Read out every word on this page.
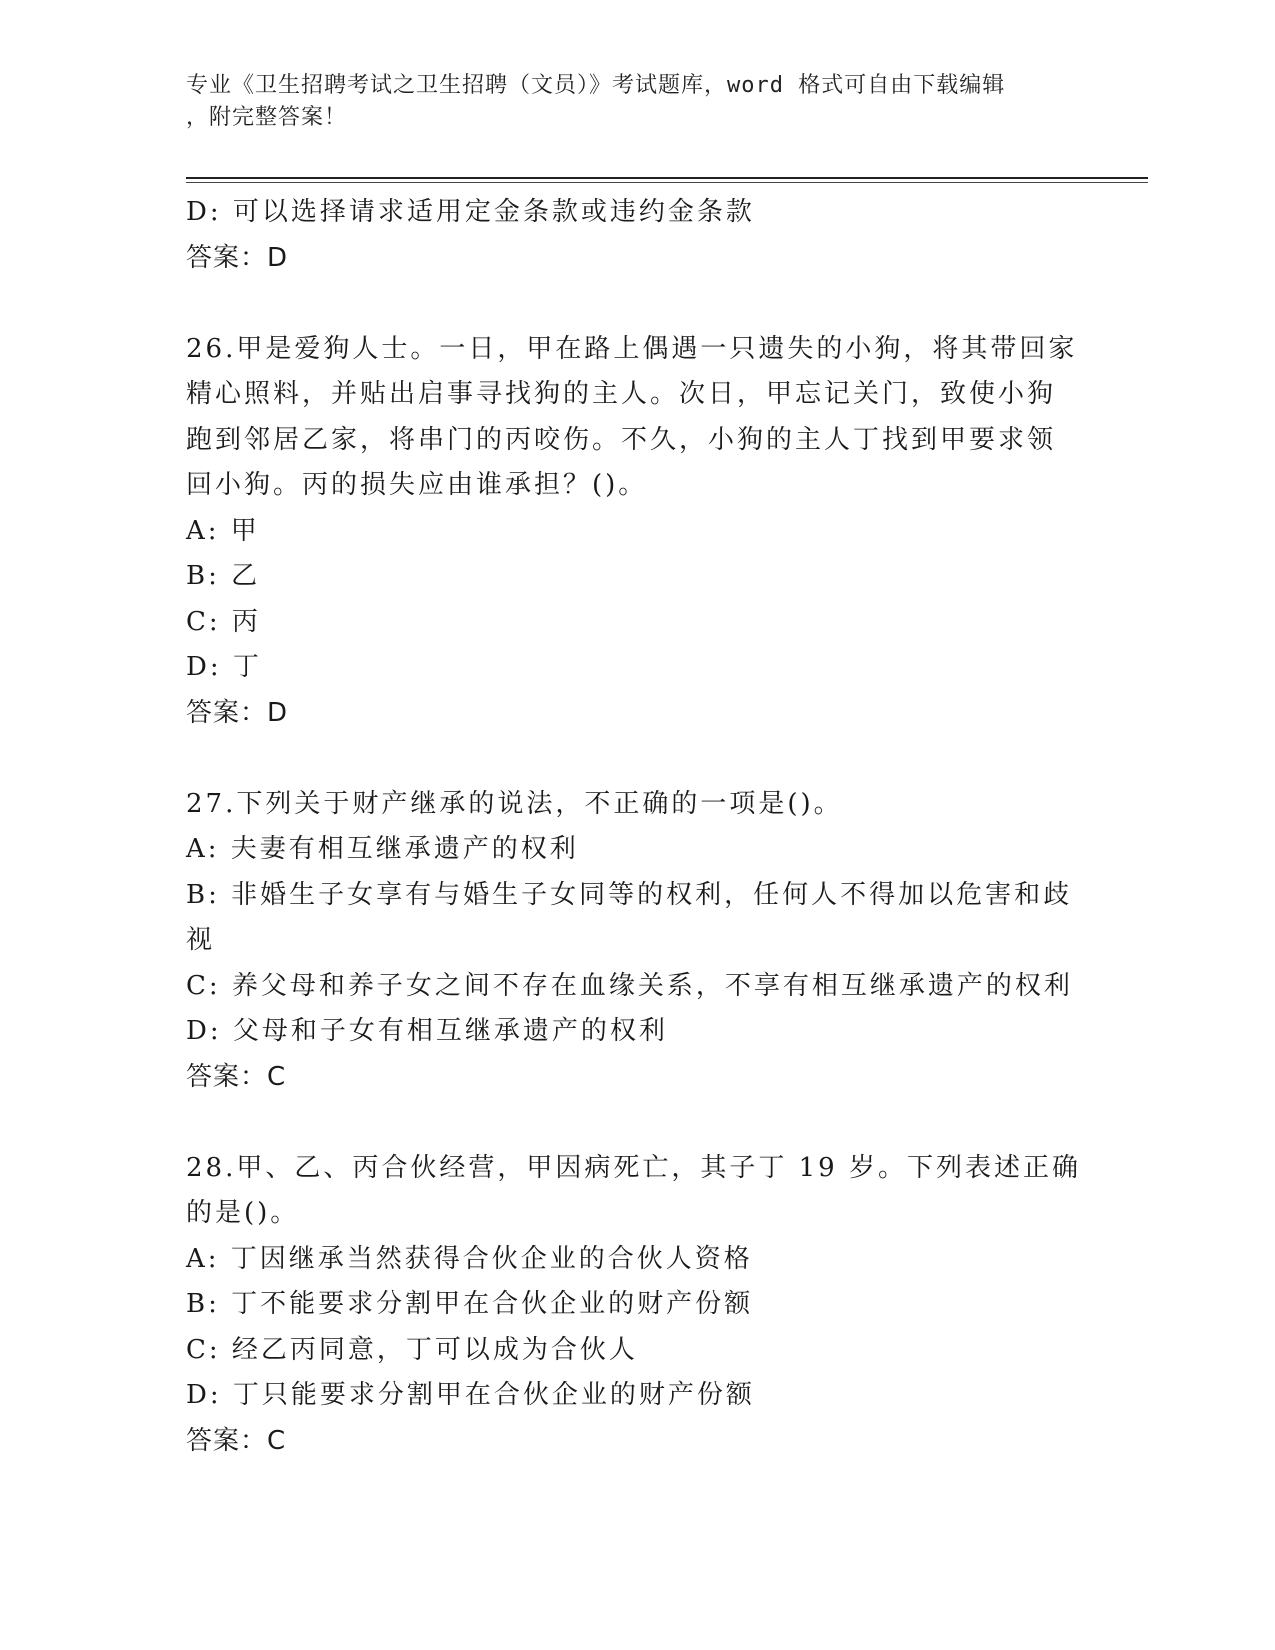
专业《卫生招聘考试之卫生招聘（文员）》考试题库，word 格式可自由下载编辑
，附完整答案！
D: 可以选择请求适用定金条款或违约金条款
答案：D
26.甲是爱狗人士。一日，甲在路上偶遇一只遗失的小狗，将其带回家
精心照料，并贴出启事寻找狗的主人。次日，甲忘记关门，致使小狗
跑到邻居乙家，将串门的丙咬伤。不久，小狗的主人丁找到甲要求领
回小狗。丙的损失应由谁承担？()。
A: 甲
B: 乙
C: 丙
D: 丁
答案：D
27.下列关于财产继承的说法，不正确的一项是()。
A: 夫妻有相互继承遗产的权利
B: 非婚生子女享有与婚生子女同等的权利，任何人不得加以危害和歧
视
C: 养父母和养子女之间不存在血缘关系，不享有相互继承遗产的权利
D: 父母和子女有相互继承遗产的权利
答案：C
28.甲、乙、丙合伙经营，甲因病死亡，其子丁 19 岁。下列表述正确
的是()。
A: 丁因继承当然获得合伙企业的合伙人资格
B: 丁不能要求分割甲在合伙企业的财产份额
C: 经乙丙同意，丁可以成为合伙人
D: 丁只能要求分割甲在合伙企业的财产份额
答案：C
